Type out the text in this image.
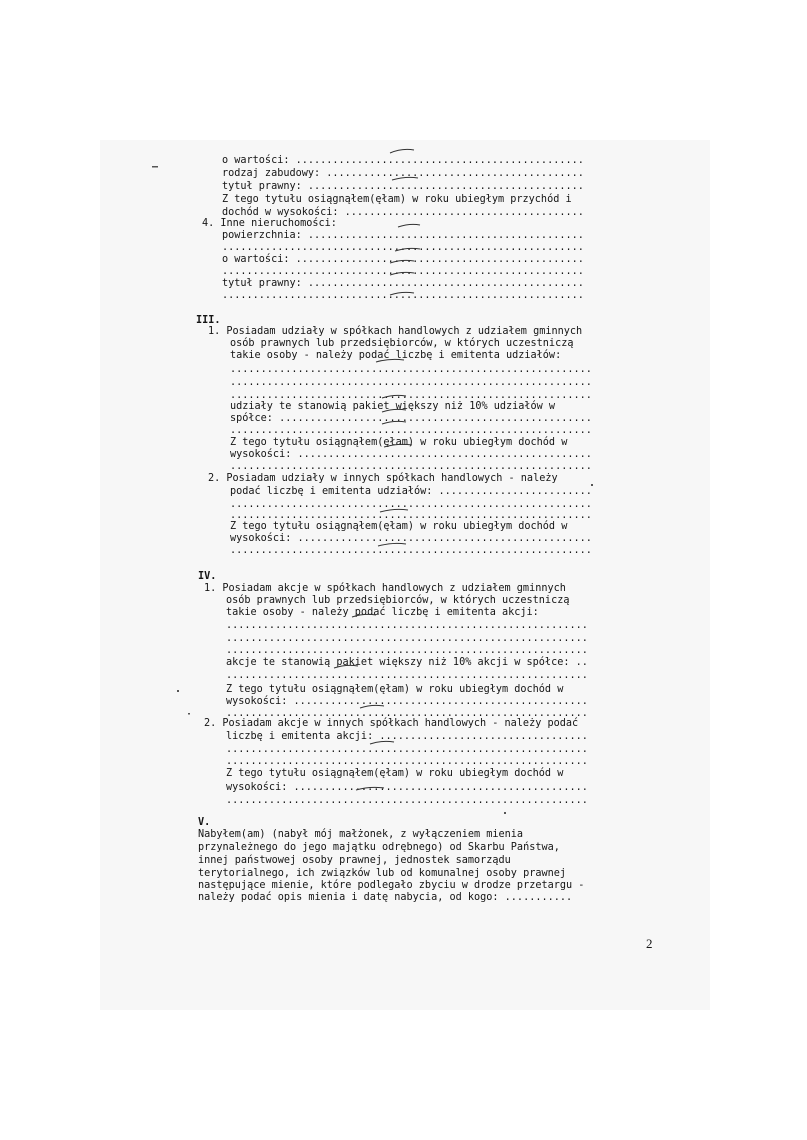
o wartości: ...............................................
rodzaj zabudowy: ..........................................
tytuł prawny: .............................................
Z tego tytułu osiągnąłem(ęłam) w roku ubiegłym przychód i
dochód w wysokości: .......................................
4. Inne nieruchomości:
powierzchnia: .............................................
...........................................................
o wartości: ...............................................
...........................................................
tytuł prawny: .............................................
...........................................................
III.
1. Posiadam udziały w spółkach handlowych z udziałem gminnych
osób prawnych lub przedsiębiorców, w których uczestniczą
takie osoby - należy podać liczbę i emitenta udziałów:
...........................................................
...........................................................
...........................................................
udziały te stanowią pakiet większy niż 10% udziałów w
spółce: ...................................................
...........................................................
Z tego tytułu osiągnąłem(ęłam) w roku ubiegłym dochód w
wysokości: ................................................
...........................................................
2. Posiadam udziały w innych spółkach handlowych - należy
podać liczbę i emitenta udziałów: .........................
...........................................................
...........................................................
Z tego tytułu osiągnąłem(ęłam) w roku ubiegłym dochód w
wysokości: ................................................
...........................................................
IV.
1. Posiadam akcje w spółkach handlowych z udziałem gminnych
osób prawnych lub przedsiębiorców, w których uczestniczą
takie osoby - należy podać liczbę i emitenta akcji:
...........................................................
...........................................................
...........................................................
akcje te stanowią pakiet większy niż 10% akcji w spółce: ..
...........................................................
Z tego tytułu osiągnąłem(ęłam) w roku ubiegłym dochód w
wysokości: ................................................
...........................................................
2. Posiadam akcje w innych spółkach handlowych - należy podać
liczbę i emitenta akcji: ..................................
...........................................................
...........................................................
Z tego tytułu osiągnąłem(ęłam) w roku ubiegłym dochód w
wysokości: ................................................
...........................................................
V.
Nabyłem(am) (nabył mój małżonek, z wyłączeniem mienia
przynależnego do jego majątku odrębnego) od Skarbu Państwa,
innej państwowej osoby prawnej, jednostek samorządu
terytorialnego, ich związków lub od komunalnej osoby prawnej
następujące mienie, które podlegało zbyciu w drodze przetargu -
należy podać opis mienia i datę nabycia, od kogo: ...........
2
